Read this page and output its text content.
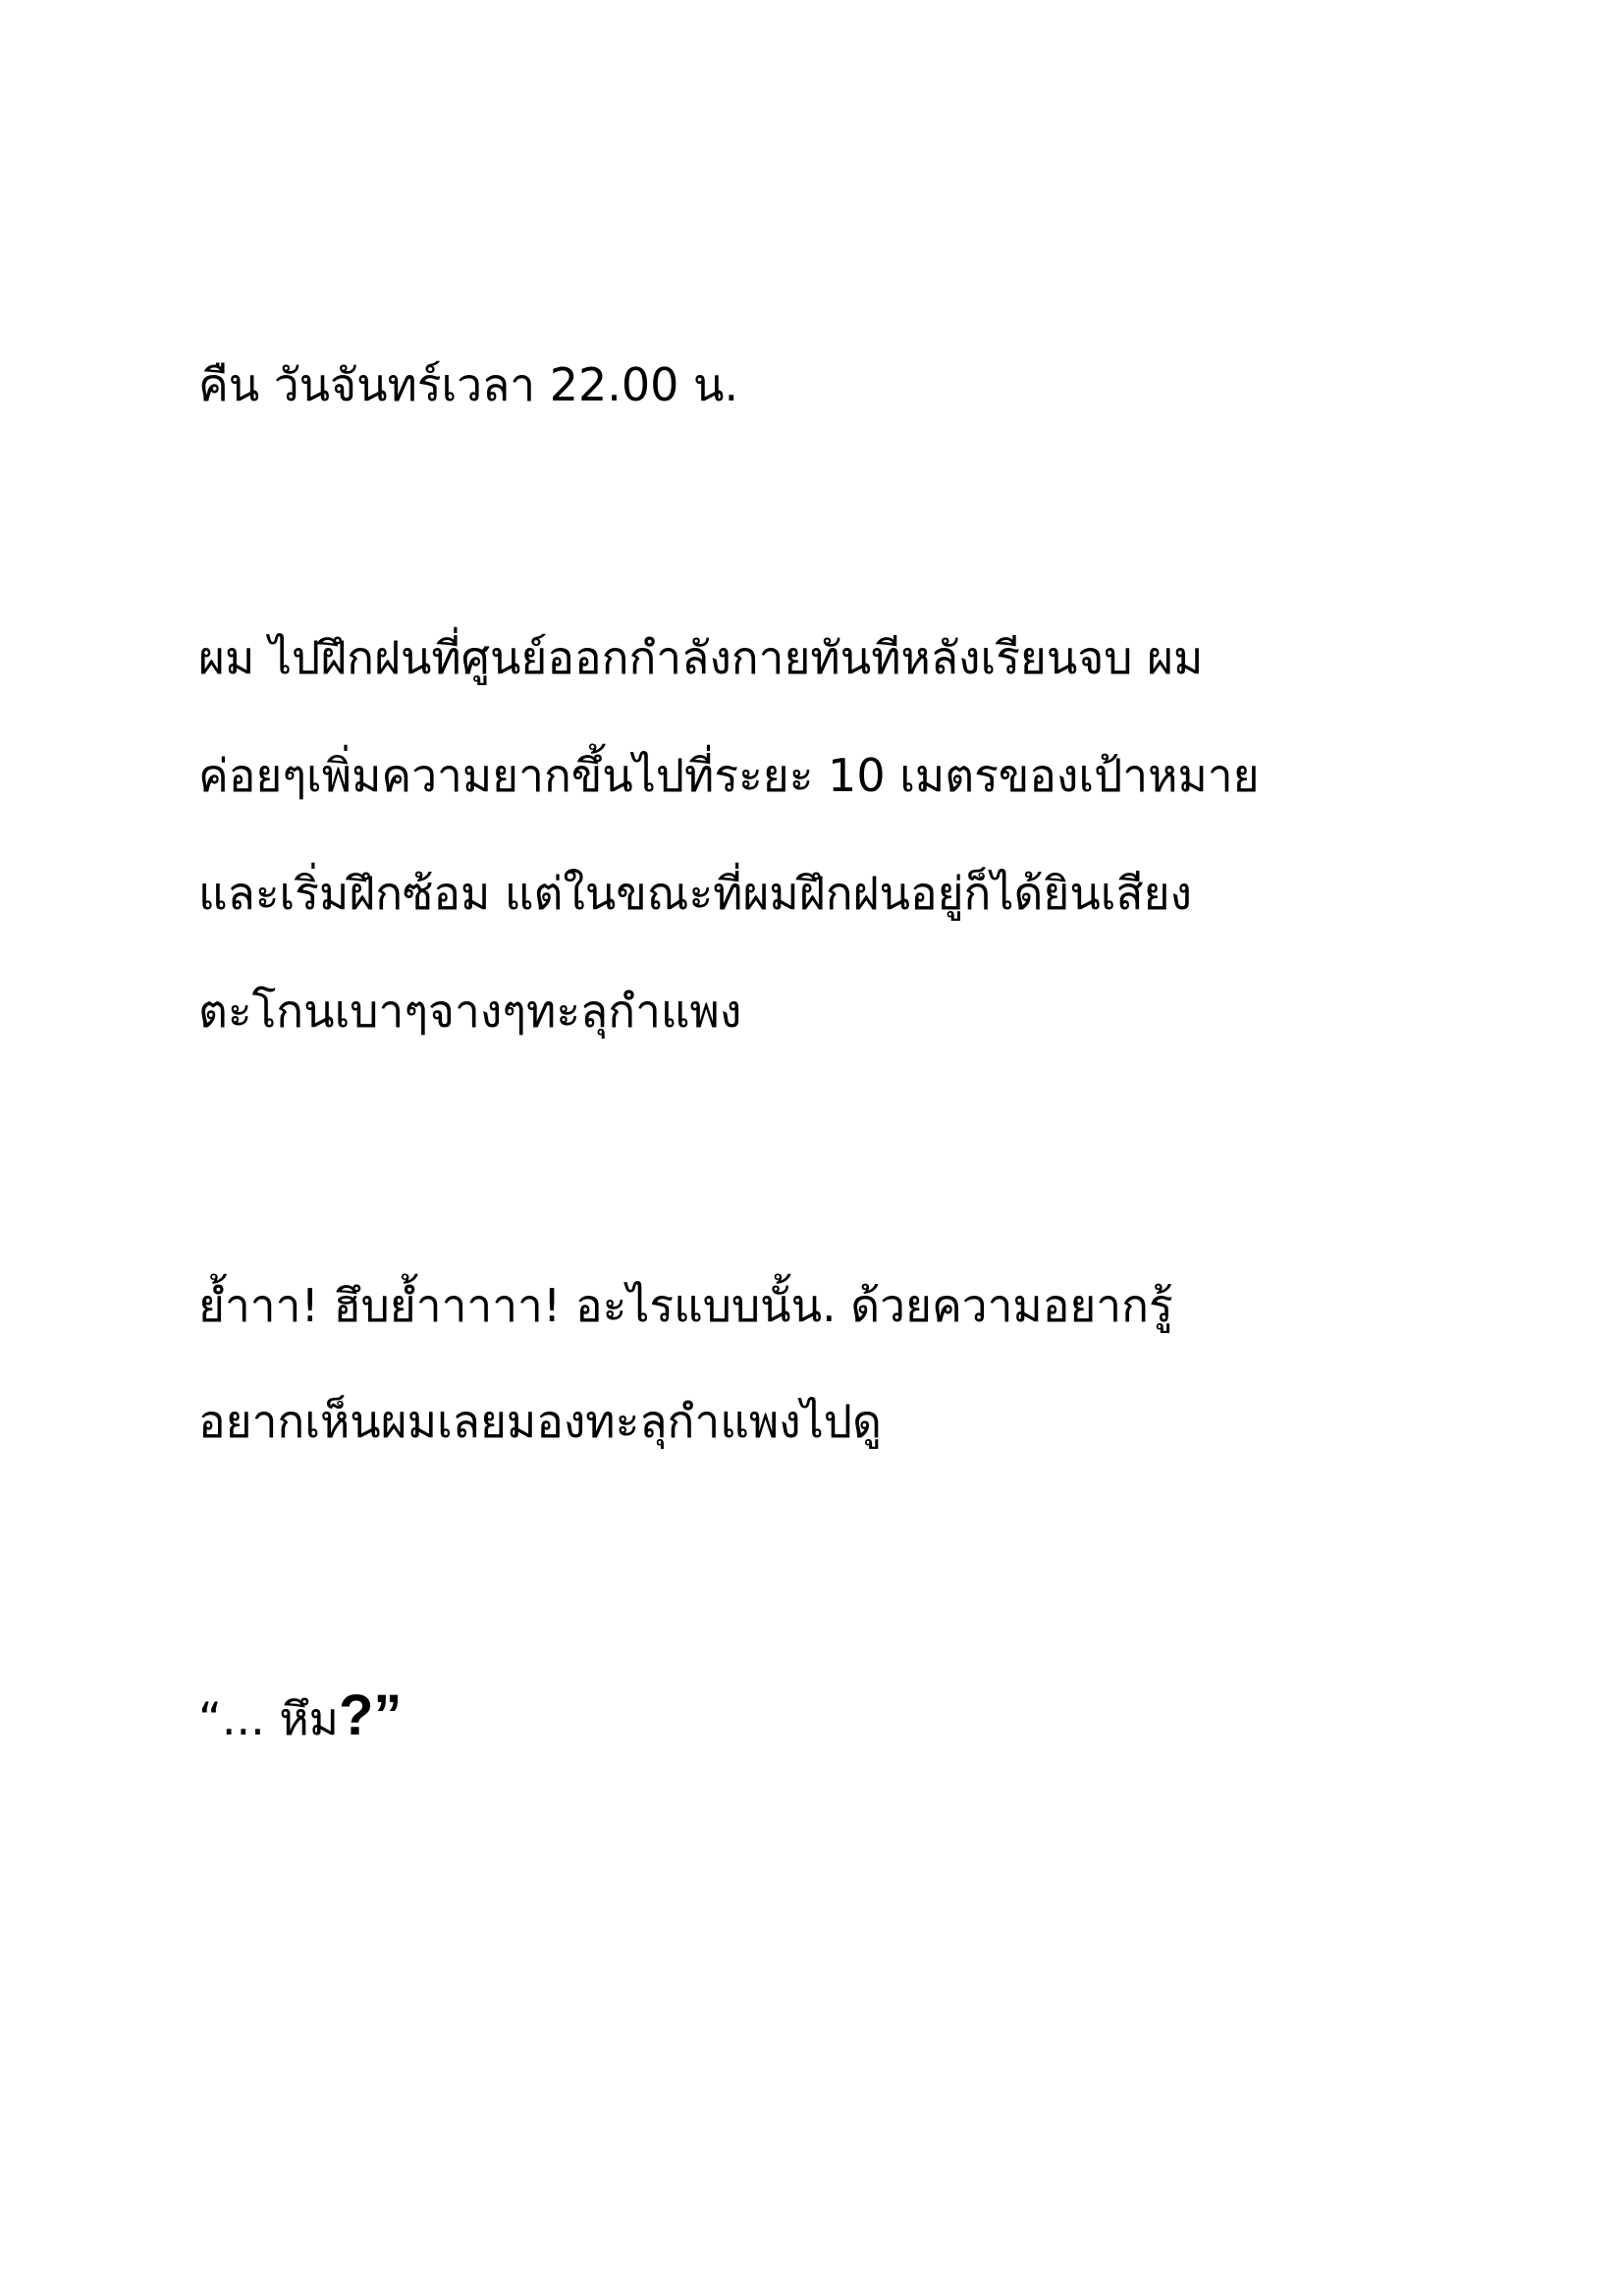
คืน วันจันทร์เวลา 22.00 น.
ผม ไปฝึกฝนที่ศูนย์ออกกำลังกายทันทีหลังเรียนจบ ผม
ค่อยๆเพิ่มความยากขึ้นไปที่ระยะ 10 เมตรของเป้าหมาย
และเริ่มฝึกซ้อม แต่ในขณะที่ผมฝึกฝนอยู่ก็ได้ยินเสียง
ตะโกนเบาๆจางๆทะลุกำแพง
ย้ำาา! ฮึบย้ำาาาา! อะไรแบบนั้น. ด้วยความอยากรู้
อยากเห็นผมเลยมองทะลุกำแพงไปดู
“... หึม?”
